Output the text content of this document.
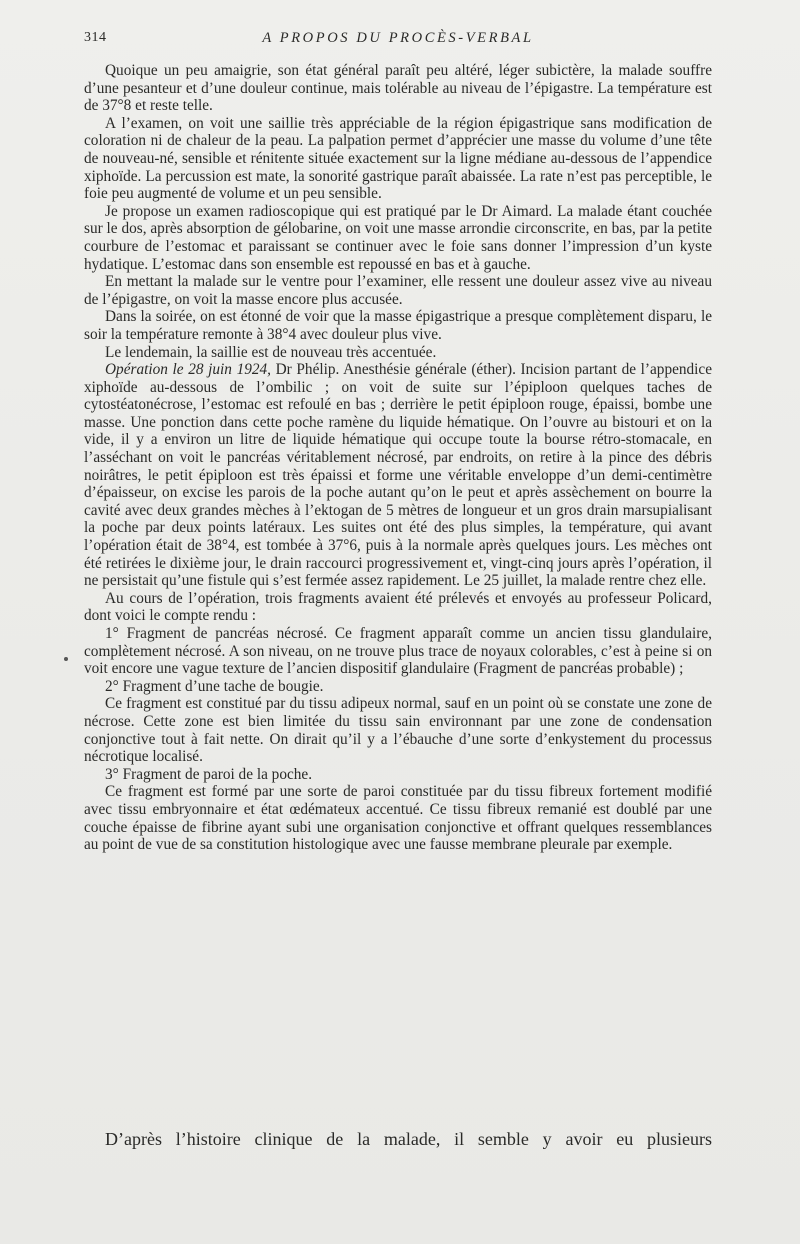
314	A PROPOS DU PROCÈS-VERBAL

Quoique un peu amaigrie, son état général paraît peu altéré, léger subictère, la malade souffre d’une pesanteur et d’une douleur continue, mais tolérable au niveau de l’épigastre. La température est de 37°8 et reste telle.

A l’examen, on voit une saillie très appréciable de la région épigastrique sans modification de coloration ni de chaleur de la peau. La palpation permet d’apprécier une masse du volume d’une tête de nouveau-né, sensible et rénitente située exactement sur la ligne médiane au-dessous de l’appendice xiphoïde. La percussion est mate, la sonorité gastrique paraît abaissée. La rate n’est pas perceptible, le foie peu augmenté de volume et un peu sensible.

Je propose un examen radioscopique qui est pratiqué par le Dr Aimard. La malade étant couchée sur le dos, après absorption de gélobarine, on voit une masse arrondie circonscrite, en bas, par la petite courbure de l’estomac et paraissant se continuer avec le foie sans donner l’impression d’un kyste hydatique. L’estomac dans son ensemble est repoussé en bas et à gauche.

En mettant la malade sur le ventre pour l’examiner, elle ressent une douleur assez vive au niveau de l’épigastre, on voit la masse encore plus accusée.

Dans la soirée, on est étonné de voir que la masse épigastrique a presque complètement disparu, le soir la température remonte à 38°4 avec douleur plus vive.

Le lendemain, la saillie est de nouveau très accentuée.

Opération le 28 juin 1924, Dr Phélip. Anesthésie générale (éther). Incision partant de l’appendice xiphoïde au-dessous de l’ombilic ; on voit de suite sur l’épiploon quelques taches de cytostéatonécrose, l’estomac est refoulé en bas ; derrière le petit épiploon rouge, épaissi, bombe une masse. Une ponction dans cette poche ramène du liquide hématique. On l’ouvre au bistouri et on la vide, il y a environ un litre de liquide hématique qui occupe toute la bourse rétro-stomacale, en l’asséchant on voit le pancréas véritablement nécrosé, par endroits, on retire à la pince des débris noirâtres, le petit épiploon est très épaissi et forme une véritable enveloppe d’un demi-centimètre d’épaisseur, on excise les parois de la poche autant qu’on le peut et après assèchement on bourre la cavité avec deux grandes mèches à l’ektogan de 5 mètres de longueur et un gros drain marsupialisant la poche par deux points latéraux. Les suites ont été des plus simples, la température, qui avant l’opération était de 38°4, est tombée à 37°6, puis à la normale après quelques jours. Les mèches ont été retirées le dixième jour, le drain raccourci progressivement et, vingt-cinq jours après l’opération, il ne persistait qu’une fistule qui s’est fermée assez rapidement. Le 25 juillet, la malade rentre chez elle.

Au cours de l’opération, trois fragments avaient été prélevés et envoyés au professeur Policard, dont voici le compte rendu :

1° Fragment de pancréas nécrosé. Ce fragment apparaît comme un ancien tissu glandulaire, complètement nécrosé. A son niveau, on ne trouve plus trace de noyaux colorables, c’est à peine si on voit encore une vague texture de l’ancien dispositif glandulaire (Fragment de pancréas probable) ;

2° Fragment d’une tache de bougie.

Ce fragment est constitué par du tissu adipeux normal, sauf en un point où se constate une zone de nécrose. Cette zone est bien limitée du tissu sain environnant par une zone de condensation conjonctive tout à fait nette. On dirait qu’il y a l’ébauche d’une sorte d’enkystement du processus nécrotique localisé.

3° Fragment de paroi de la poche.

Ce fragment est formé par une sorte de paroi constituée par du tissu fibreux fortement modifié avec tissu embryonnaire et état œdémateux accentué. Ce tissu fibreux remanié est doublé par une couche épaisse de fibrine ayant subi une organisation conjonctive et offrant quelques ressemblances au point de vue de sa constitution histologique avec une fausse membrane pleurale par exemple.

D’après l’histoire clinique de la malade, il semble y avoir eu plusieurs
